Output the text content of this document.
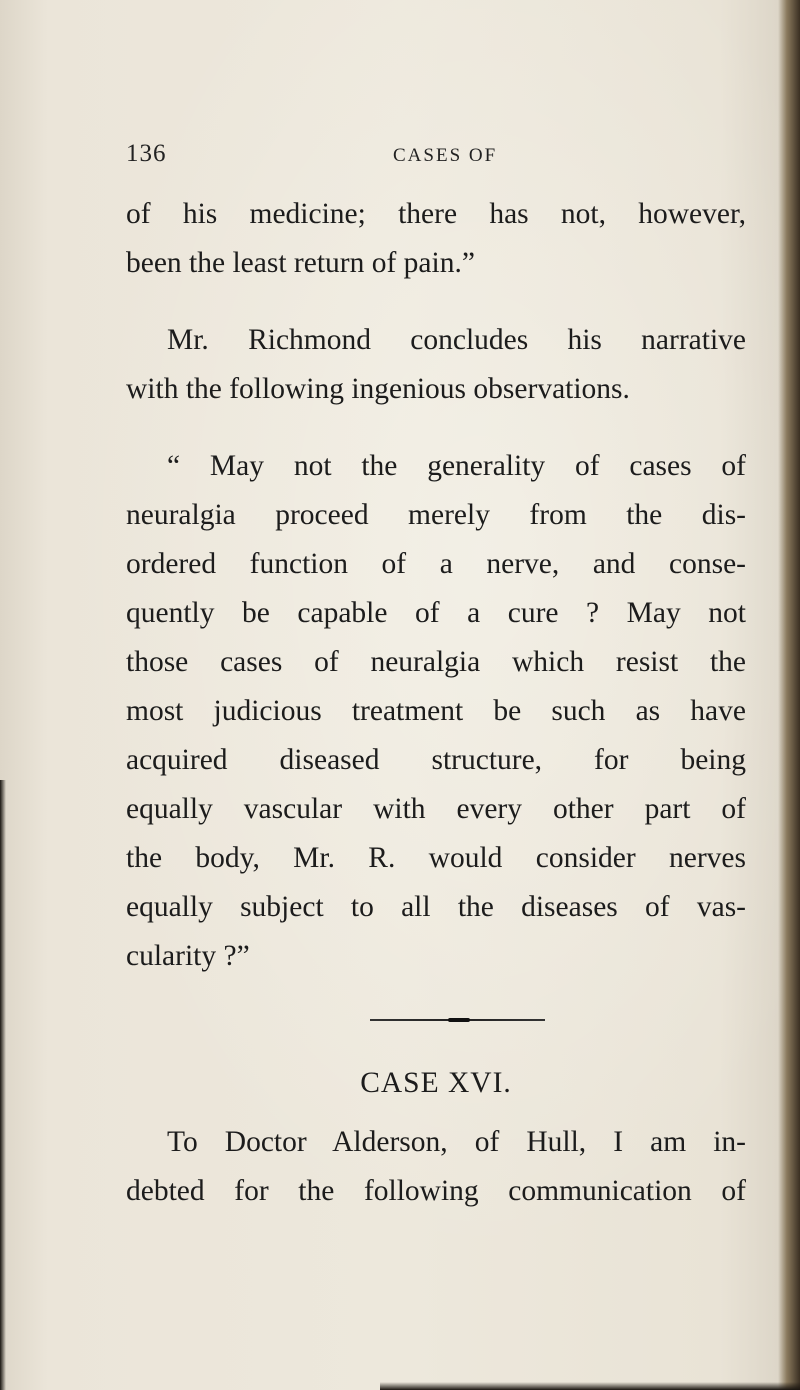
136	CASES OF
of his medicine; there has not, however,
been the least return of pain.”
Mr. Richmond concludes his narrative
with the following ingenious observations.
“ May not the generality of cases of
neuralgia proceed merely from the dis-
ordered function of a nerve, and conse-
quently be capable of a cure ? May not
those cases of neuralgia which resist the
most judicious treatment be such as have
acquired diseased structure, for being
equally vascular with every other part of
the body, Mr. R. would consider nerves
equally subject to all the diseases of vas-
cularity ?”
CASE XVI.
To Doctor Alderson, of Hull, I am in-
debted for the following communication of
